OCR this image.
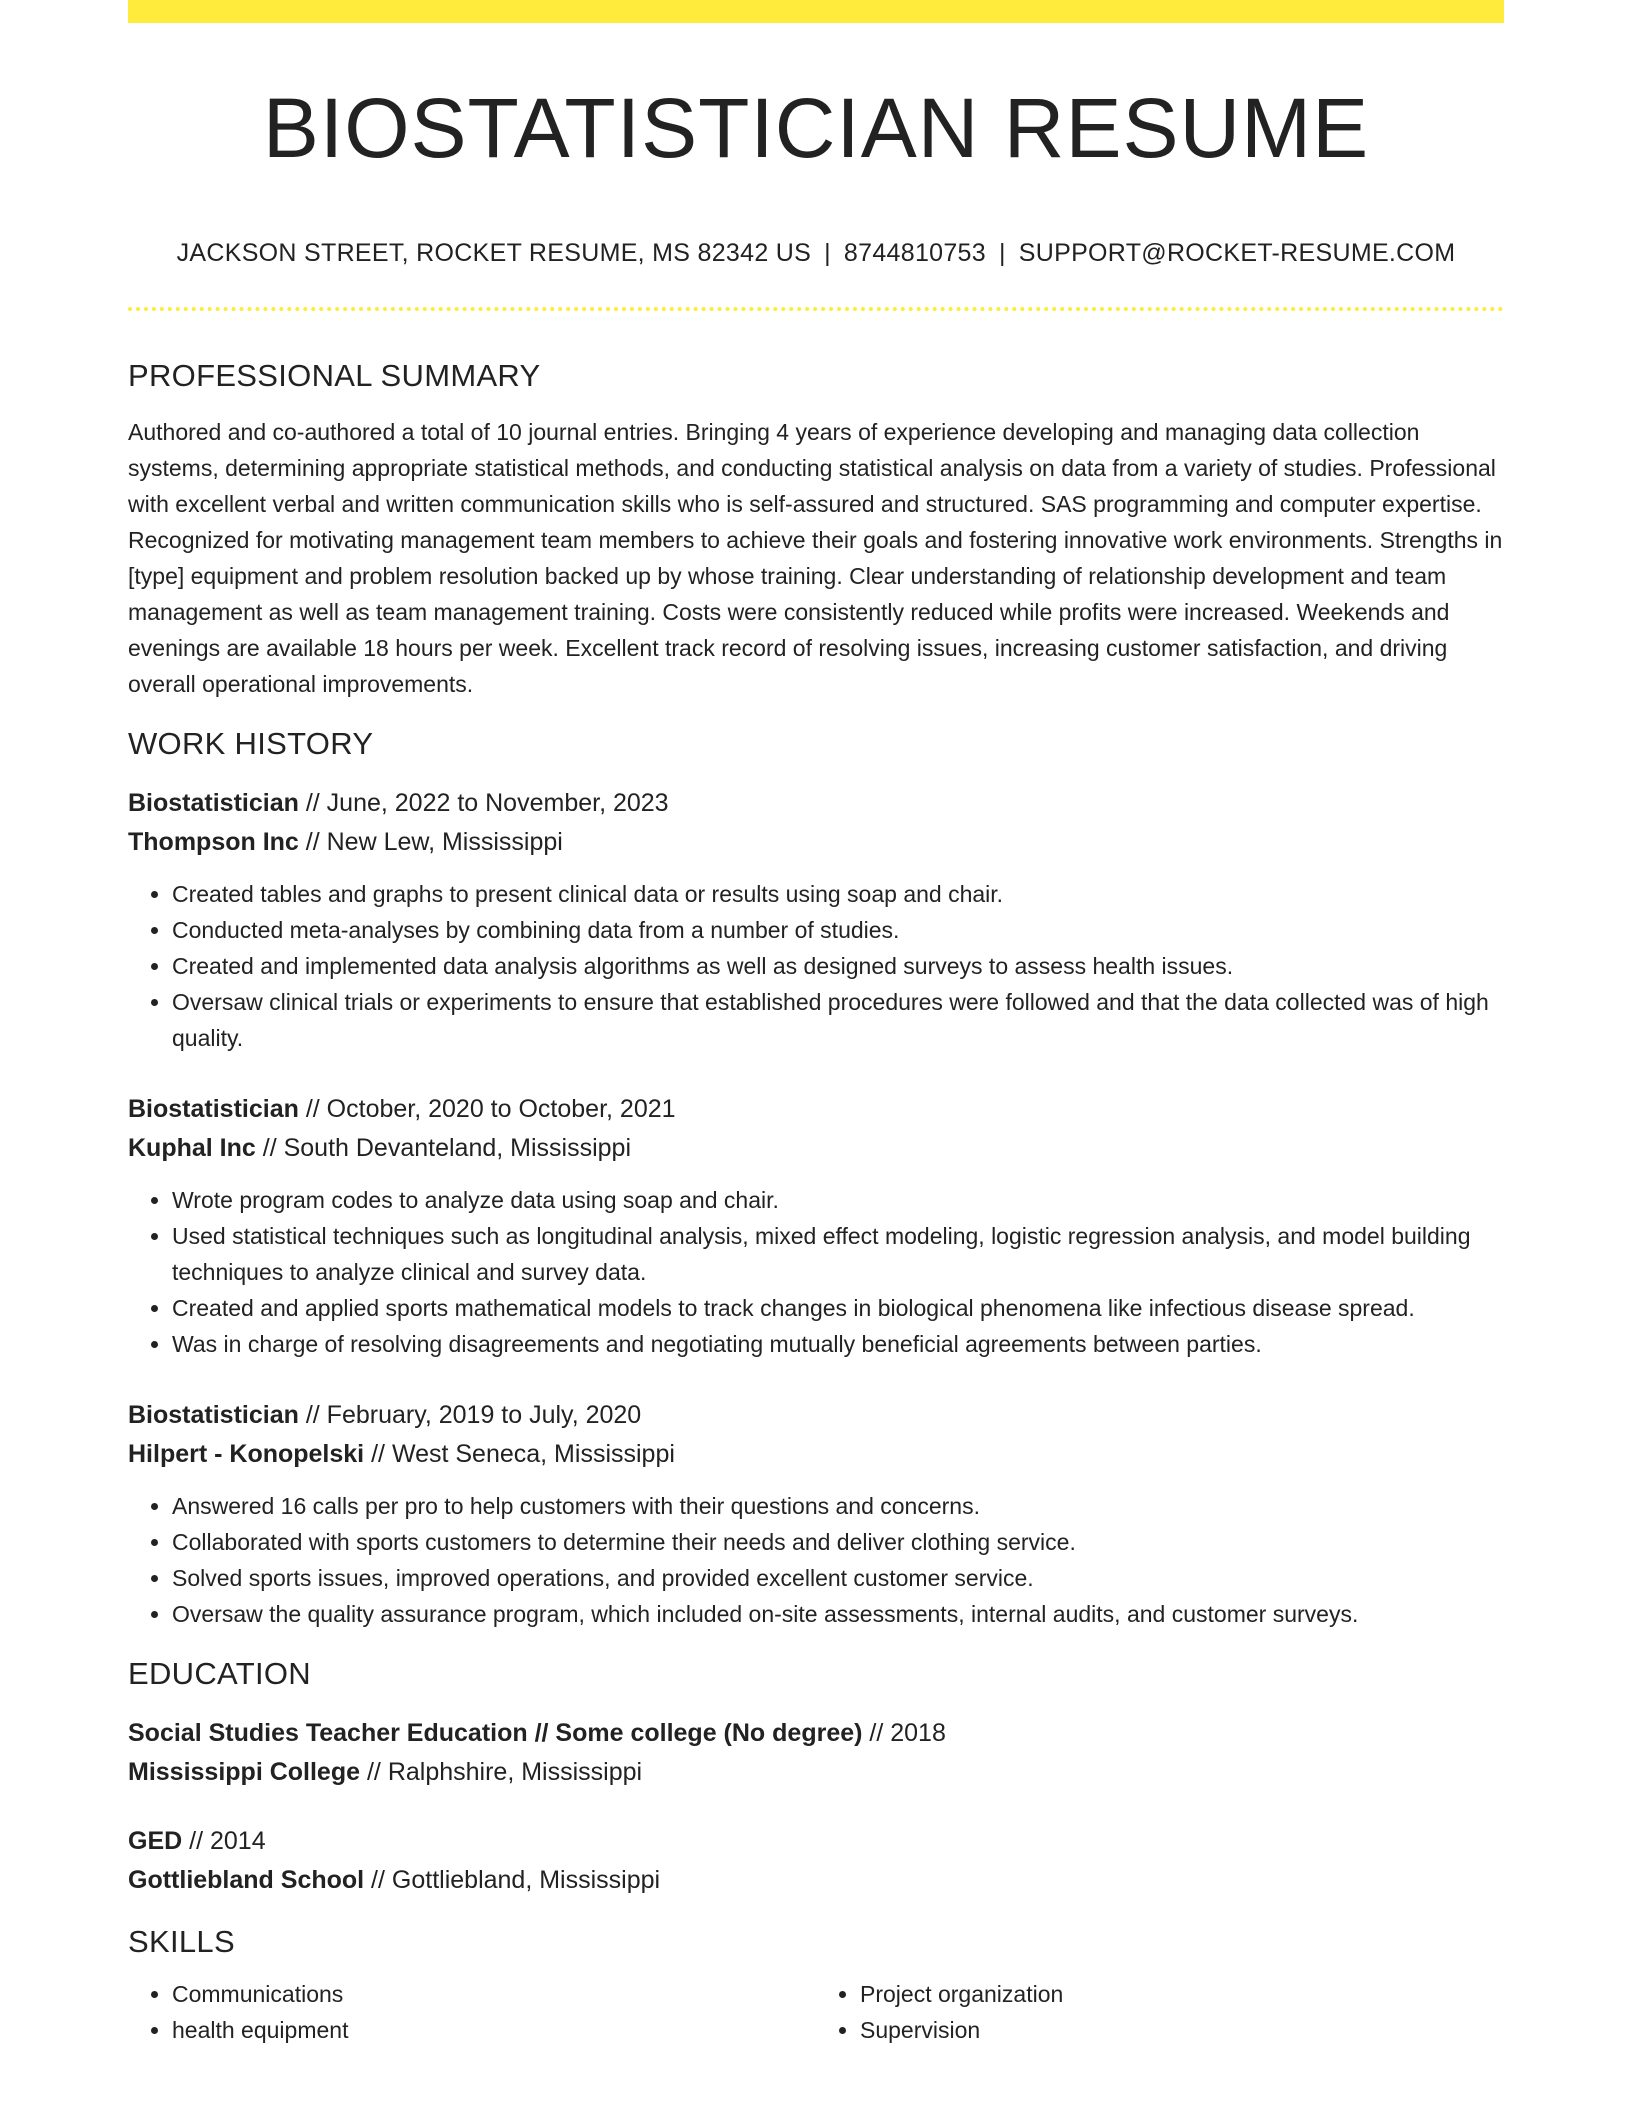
BIOSTATISTICIAN RESUME
JACKSON STREET, ROCKET RESUME, MS 82342 US | 8744810753 | SUPPORT@ROCKET-RESUME.COM
PROFESSIONAL SUMMARY

Authored and co-authored a total of 10 journal entries. Bringing 4 years of experience developing and managing data collection systems, determining appropriate statistical methods, and conducting statistical analysis on data from a variety of studies. Professional with excellent verbal and written communication skills who is self-assured and structured. SAS programming and computer expertise. Recognized for motivating management team members to achieve their goals and fostering innovative work environments. Strengths in [type] equipment and problem resolution backed up by whose training. Clear understanding of relationship development and team management as well as team management training. Costs were consistently reduced while profits were increased. Weekends and evenings are available 18 hours per week. Excellent track record of resolving issues, increasing customer satisfaction, and driving overall operational improvements.

WORK HISTORY
Biostatistician // June, 2022 to November, 2023
Thompson Inc // New Lew, Mississippi
• Created tables and graphs to present clinical data or results using soap and chair.
• Conducted meta-analyses by combining data from a number of studies.
• Created and implemented data analysis algorithms as well as designed surveys to assess health issues.
• Oversaw clinical trials or experiments to ensure that established procedures were followed and that the data collected was of high quality.
Biostatistician // October, 2020 to October, 2021
Kuphal Inc // South Devanteland, Mississippi
• Wrote program codes to analyze data using soap and chair.
• Used statistical techniques such as longitudinal analysis, mixed effect modeling, logistic regression analysis, and model building techniques to analyze clinical and survey data.
• Created and applied sports mathematical models to track changes in biological phenomena like infectious disease spread.
• Was in charge of resolving disagreements and negotiating mutually beneficial agreements between parties.
Biostatistician // February, 2019 to July, 2020
Hilpert - Konopelski // West Seneca, Mississippi
• Answered 16 calls per pro to help customers with their questions and concerns.
• Collaborated with sports customers to determine their needs and deliver clothing service.
• Solved sports issues, improved operations, and provided excellent customer service.
• Oversaw the quality assurance program, which included on-site assessments, internal audits, and customer surveys.
EDUCATION
Social Studies Teacher Education // Some college (No degree) // 2018
Mississippi College // Ralphshire, Mississippi
GED // 2014
Gottliebland School // Gottliebland, Mississippi
SKILLS
• Communications
• health equipment
• Project organization
• Supervision
